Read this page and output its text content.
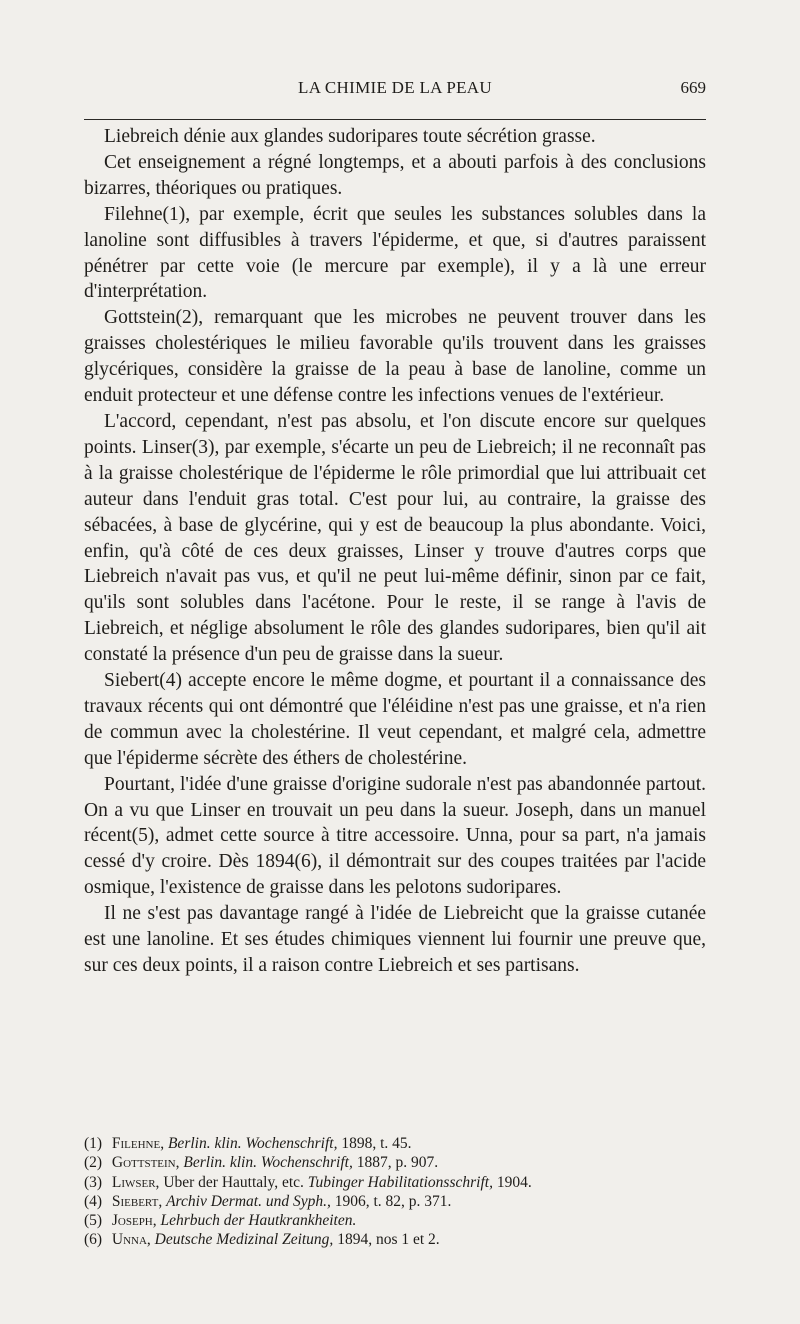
LA CHIMIE DE LA PEAU	669

Liebreich dénie aux glandes sudoripares toute sécrétion grasse.

Cet enseignement a régné longtemps, et a abouti parfois à des conclusions bizarres, théoriques ou pratiques.

Filehne(1), par exemple, écrit que seules les substances solubles dans la lanoline sont diffusibles à travers l'épiderme, et que, si d'autres paraissent pénétrer par cette voie (le mercure par exemple), il y a là une erreur d'interprétation.

Gottstein(2), remarquant que les microbes ne peuvent trouver dans les graisses cholestériques le milieu favorable qu'ils trouvent dans les graisses glycériques, considère la graisse de la peau à base de lanoline, comme un enduit protecteur et une défense contre les infections venues de l'extérieur.

L'accord, cependant, n'est pas absolu, et l'on discute encore sur quelques points. Linser(3), par exemple, s'écarte un peu de Liebreich; il ne reconnaît pas à la graisse cholestérique de l'épiderme le rôle primordial que lui attribuait cet auteur dans l'enduit gras total. C'est pour lui, au contraire, la graisse des sébacées, à base de glycérine, qui y est de beaucoup la plus abondante. Voici, enfin, qu'à côté de ces deux graisses, Linser y trouve d'autres corps que Liebreich n'avait pas vus, et qu'il ne peut lui-même définir, sinon par ce fait, qu'ils sont solubles dans l'acétone. Pour le reste, il se range à l'avis de Liebreich, et néglige absolument le rôle des glandes sudoripares, bien qu'il ait constaté la présence d'un peu de graisse dans la sueur.

Siebert(4) accepte encore le même dogme, et pourtant il a connaissance des travaux récents qui ont démontré que l'éléidine n'est pas une graisse, et n'a rien de commun avec la cholestérine. Il veut cependant, et malgré cela, admettre que l'épiderme sécrète des éthers de cholestérine.

Pourtant, l'idée d'une graisse d'origine sudorale n'est pas abandonnée partout. On a vu que Linser en trouvait un peu dans la sueur. Joseph, dans un manuel récent(5), admet cette source à titre accessoire. Unna, pour sa part, n'a jamais cessé d'y croire. Dès 1894(6), il démontrait sur des coupes traitées par l'acide osmique, l'existence de graisse dans les pelotons sudoripares.

Il ne s'est pas davantage rangé à l'idée de Liebreicht que la graisse cutanée est une lanoline. Et ses études chimiques viennent lui fournir une preuve que, sur ces deux points, il a raison contre Liebreich et ses partisans.

(1) Filehne, Berlin. klin. Wochenschrift, 1898, t. 45.
(2) Gottstein, Berlin. klin. Wochenschrift, 1887, p. 907.
(3) Liwser, Uber der Hauttaly, etc. Tubinger Habilitationsschrift, 1904.
(4) Siebert, Archiv Dermat. und Syph., 1906, t. 82, p. 371.
(5) Joseph, Lehrbuch der Hautkrankheiten.
(6) Unna, Deutsche Medizinal Zeitung, 1894, nos 1 et 2.
